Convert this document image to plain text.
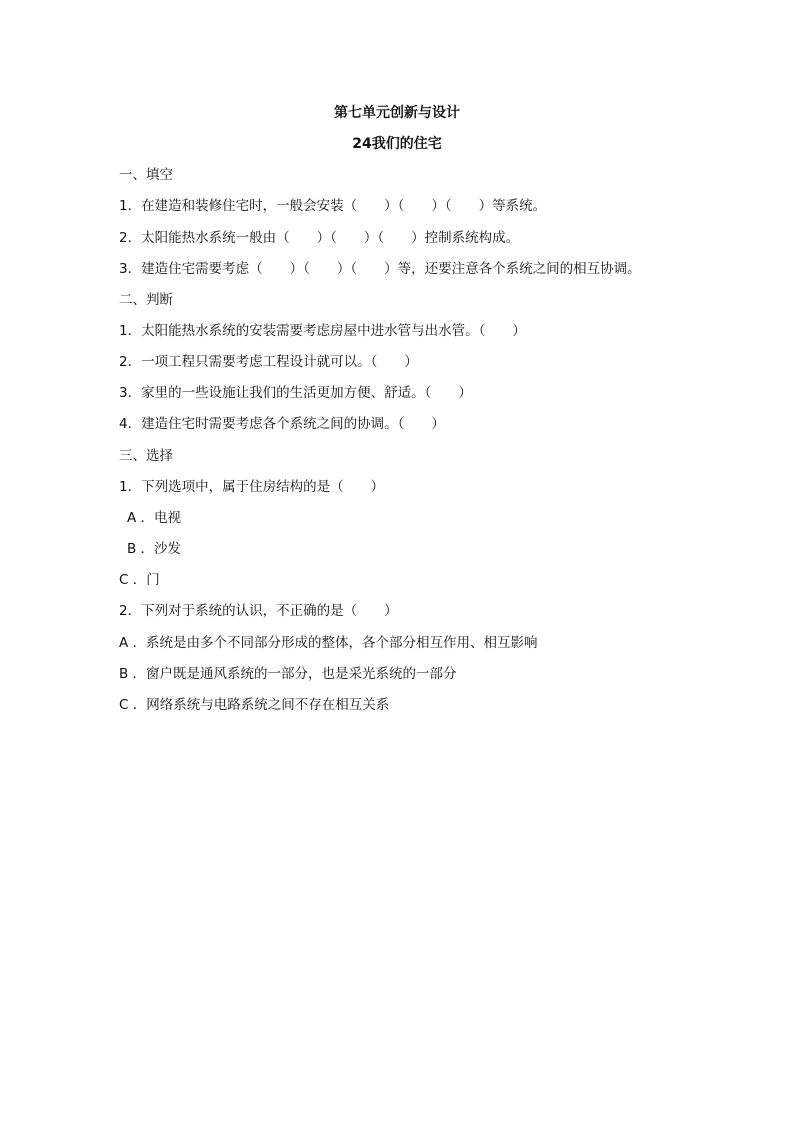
第七单元创新与设计
24我们的住宅
一、填空
1．在建造和装修住宅时，一般会安装（　　）（　　）（　　）等系统。
2．太阳能热水系统一般由（　　）（　　）（　　）控制系统构成。
3．建造住宅需要考虑（　　）（　　）（　　）等，还要注意各个系统之间的相互协调。
二、判断
1．太阳能热水系统的安装需要考虑房屋中进水管与出水管。（　　）
2．一项工程只需要考虑工程设计就可以。（　　）
3．家里的一些设施让我们的生活更加方便、舒适。（　　）
4．建造住宅时需要考虑各个系统之间的协调。（　　）
三、选择
1．下列选项中，属于住房结构的是（　　）
A ．电视
B ．沙发
C ．门
2．下列对于系统的认识，不正确的是（　　）
A ．系统是由多个不同部分形成的整体，各个部分相互作用、相互影响
B ．窗户既是通风系统的一部分，也是采光系统的一部分
C ．网络系统与电路系统之间不存在相互关系
